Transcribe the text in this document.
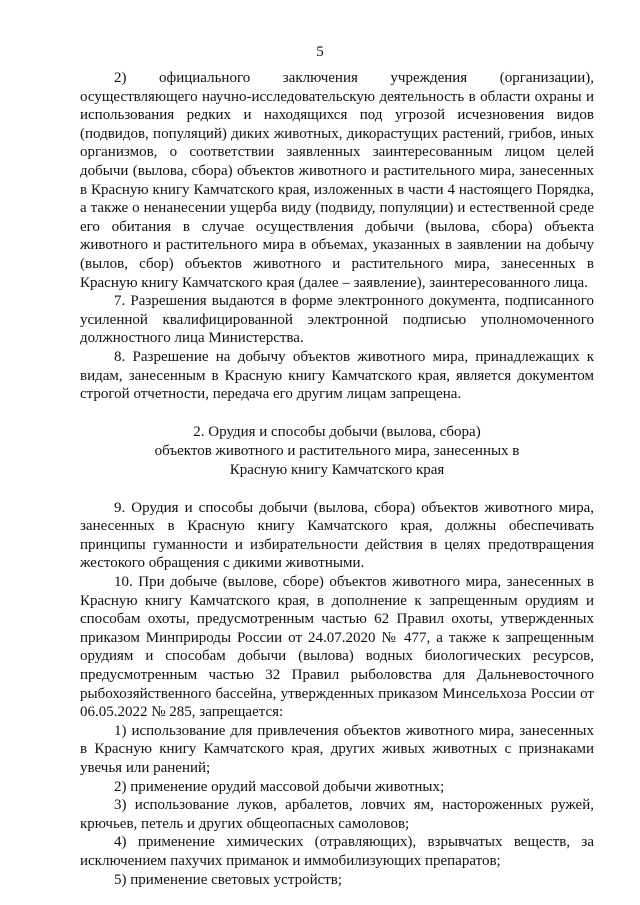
5

2) официального заключения учреждения (организации), осуществляющего научно-исследовательскую деятельность в области охраны и использования редких и находящихся под угрозой исчезновения видов (подвидов, популяций) диких животных, дикорастущих растений, грибов, иных организмов, о соответствии заявленных заинтересованным лицом целей добычи (вылова, сбора) объектов животного и растительного мира, занесенных в Красную книгу Камчатского края, изложенных в части 4 настоящего Порядка, а также о ненанесении ущерба виду (подвиду, популяции) и естественной среде его обитания в случае осуществления добычи (вылова, сбора) объекта животного и растительного мира в объемах, указанных в заявлении на добычу (вылов, сбор) объектов животного и растительного мира, занесенных в Красную книгу Камчатского края (далее – заявление), заинтересованного лица.

7. Разрешения выдаются в форме электронного документа, подписанного усиленной квалифицированной электронной подписью уполномоченного должностного лица Министерства.

8. Разрешение на добычу объектов животного мира, принадлежащих к видам, занесенным в Красную книгу Камчатского края, является документом строгой отчетности, передача его другим лицам запрещена.

2. Орудия и способы добычи (вылова, сбора)

объектов животного и растительного мира, занесенных в

Красную книгу Камчатского края

9. Орудия и способы добычи (вылова, сбора) объектов животного мира, занесенных в Красную книгу Камчатского края, должны обеспечивать принципы гуманности и избирательности действия в целях предотвращения жестокого обращения с дикими животными.

10. При добыче (вылове, сборе) объектов животного мира, занесенных в Красную книгу Камчатского края, в дополнение к запрещенным орудиям и способам охоты, предусмотренным частью 62 Правил охоты, утвержденных приказом Минприроды России от 24.07.2020 № 477, а также к запрещенным орудиям и способам добычи (вылова) водных биологических ресурсов, предусмотренным частью 32 Правил рыболовства для Дальневосточного рыбохозяйственного бассейна, утвержденных приказом Минсельхоза России от 06.05.2022 № 285, запрещается:

1) использование для привлечения объектов животного мира, занесенных в Красную книгу Камчатского края, других живых животных с признаками увечья или ранений;

2) применение орудий массовой добычи животных;

3) использование луков, арбалетов, ловчих ям, настороженных ружей, крючьев, петель и других общеопасных самоловов;

4) применение химических (отравляющих), взрывчатых веществ, за исключением пахучих приманок и иммобилизующих препаратов;

5) применение световых устройств;
